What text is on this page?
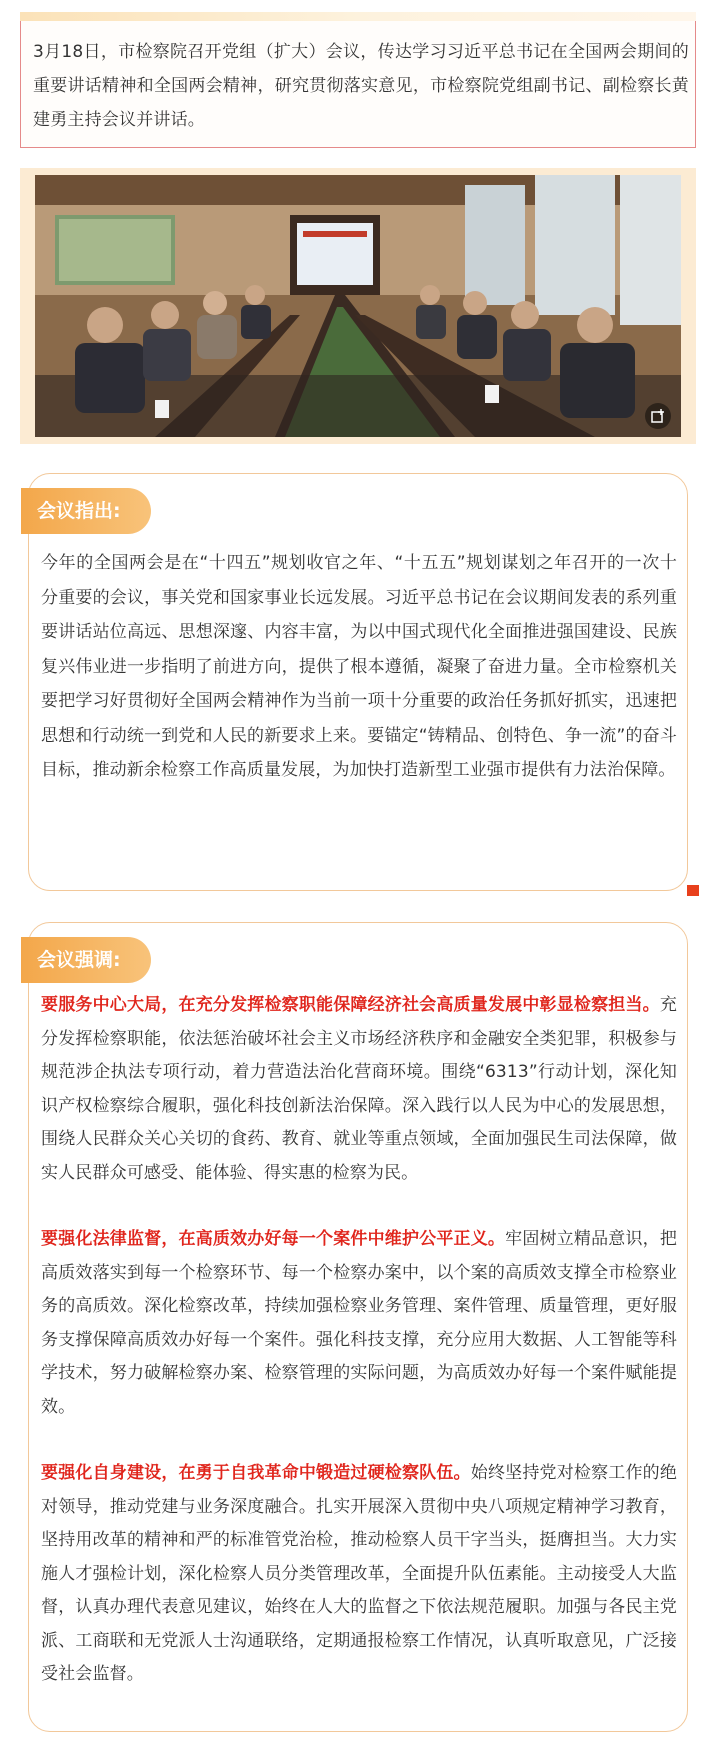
3月18日，市检察院召开党组（扩大）会议，传达学习习近平总书记在全国两会期间的重要讲话精神和全国两会精神，研究贯彻落实意见，市检察院党组副书记、副检察长黄建勇主持会议并讲话。

会议指出:

今年的全国两会是在“十四五”规划收官之年、“十五五”规划谋划之年召开的一次十分重要的会议，事关党和国家事业长远发展。习近平总书记在会议期间发表的系列重要讲话站位高远、思想深邃、内容丰富，为以中国式现代化全面推进强国建设、民族复兴伟业进一步指明了前进方向，提供了根本遵循，凝聚了奋进力量。全市检察机关要把学习好贯彻好全国两会精神作为当前一项十分重要的政治任务抓好抓实，迅速把思想和行动统一到党和人民的新要求上来。要锚定“铸精品、创特色、争一流”的奋斗目标，推动新余检察工作高质量发展，为加快打造新型工业强市提供有力法治保障。

会议强调:

要服务中心大局，在充分发挥检察职能保障经济社会高质量发展中彰显检察担当。充分发挥检察职能，依法惩治破坏社会主义市场经济秩序和金融安全类犯罪，积极参与规范涉企执法专项行动，着力营造法治化营商环境。围绕“6313”行动计划，深化知识产权检察综合履职，强化科技创新法治保障。深入践行以人民为中心的发展思想，围绕人民群众关心关切的食药、教育、就业等重点领域，全面加强民生司法保障，做实人民群众可感受、能体验、得实惠的检察为民。

要强化法律监督，在高质效办好每一个案件中维护公平正义。牢固树立精品意识，把高质效落实到每一个检察环节、每一个检察办案中，以个案的高质效支撑全市检察业务的高质效。深化检察改革，持续加强检察业务管理、案件管理、质量管理，更好服务支撑保障高质效办好每一个案件。强化科技支撑，充分应用大数据、人工智能等科学技术，努力破解检察办案、检察管理的实际问题，为高质效办好每一个案件赋能提效。

要强化自身建设，在勇于自我革命中锻造过硬检察队伍。始终坚持党对检察工作的绝对领导，推动党建与业务深度融合。扎实开展深入贯彻中央八项规定精神学习教育，坚持用改革的精神和严的标准管党治检，推动检察人员干字当头，挺膺担当。大力实施人才强检计划，深化检察人员分类管理改革，全面提升队伍素能。主动接受人大监督，认真办理代表意见建议，始终在人大的监督之下依法规范履职。加强与各民主党派、工商联和无党派人士沟通联络，定期通报检察工作情况，认真听取意见，广泛接受社会监督。
